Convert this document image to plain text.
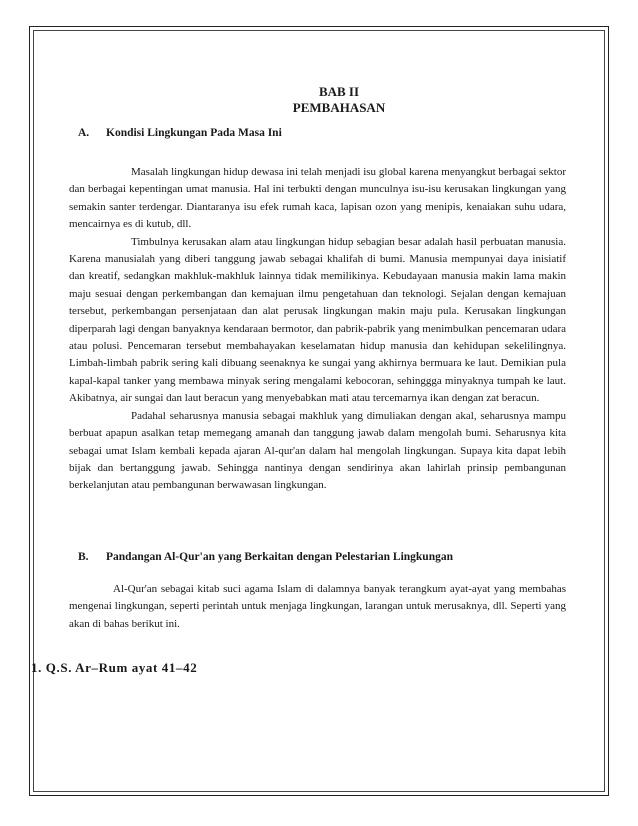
BAB II
PEMBAHASAN
A. Kondisi Lingkungan Pada Masa Ini

Masalah lingkungan hidup dewasa ini telah menjadi isu global karena menyangkut berbagai sektor dan berbagai kepentingan umat manusia. Hal ini terbukti dengan munculnya isu-isu kerusakan lingkungan yang semakin santer terdengar. Diantaranya isu efek rumah kaca, lapisan ozon yang menipis, kenaiakan suhu udara, mencairnya es di kutub, dll.

Timbulnya kerusakan alam atau lingkungan hidup sebagian besar adalah hasil perbuatan manusia. Karena manusialah yang diberi tanggung jawab sebagai khalifah di bumi. Manusia mempunyai daya inisiatif dan kreatif, sedangkan makhluk-makhluk lainnya tidak memilikinya. Kebudayaan manusia makin lama makin maju sesuai dengan perkembangan dan kemajuan ilmu pengetahuan dan teknologi. Sejalan dengan kemajuan tersebut, perkembangan persenjataan dan alat perusak lingkungan makin maju pula. Kerusakan lingkungan diperparah lagi dengan banyaknya kendaraan bermotor, dan pabrik-pabrik yang menimbulkan pencemaran udara atau polusi. Pencemaran tersebut membahayakan keselamatan hidup manusia dan kehidupan sekelilingnya. Limbah-limbah pabrik sering kali dibuang seenaknya ke sungai yang akhirnya bermuara ke laut. Demikian pula kapal-kapal tanker yang membawa minyak sering mengalami kebocoran, sehinggga minyaknya tumpah ke laut. Akibatnya, air sungai dan laut beracun yang menyebabkan mati atau tercemarnya ikan dengan zat beracun.

Padahal seharusnya manusia sebagai makhluk yang dimuliakan dengan akal, seharusnya mampu berbuat apapun asalkan tetap memegang amanah dan tanggung jawab dalam mengolah bumi. Seharusnya kita sebagai umat Islam kembali kepada ajaran Al-qur'an dalam hal mengolah lingkungan. Supaya kita dapat lebih bijak dan bertanggung jawab. Sehingga nantinya dengan sendirinya akan lahirlah prinsip pembangunan berkelanjutan atau pembangunan berwawasan lingkungan.

B. Pandangan Al-Qur'an yang Berkaitan dengan Pelestarian Lingkungan
Al-Qur'an sebagai kitab suci agama Islam di dalamnya banyak terangkum ayat-ayat yang membahas mengenai lingkungan, seperti perintah untuk menjaga lingkungan, larangan untuk merusaknya, dll. Seperti yang akan di bahas berikut ini.
1. Q.S. Ar–Rum ayat 41–42
